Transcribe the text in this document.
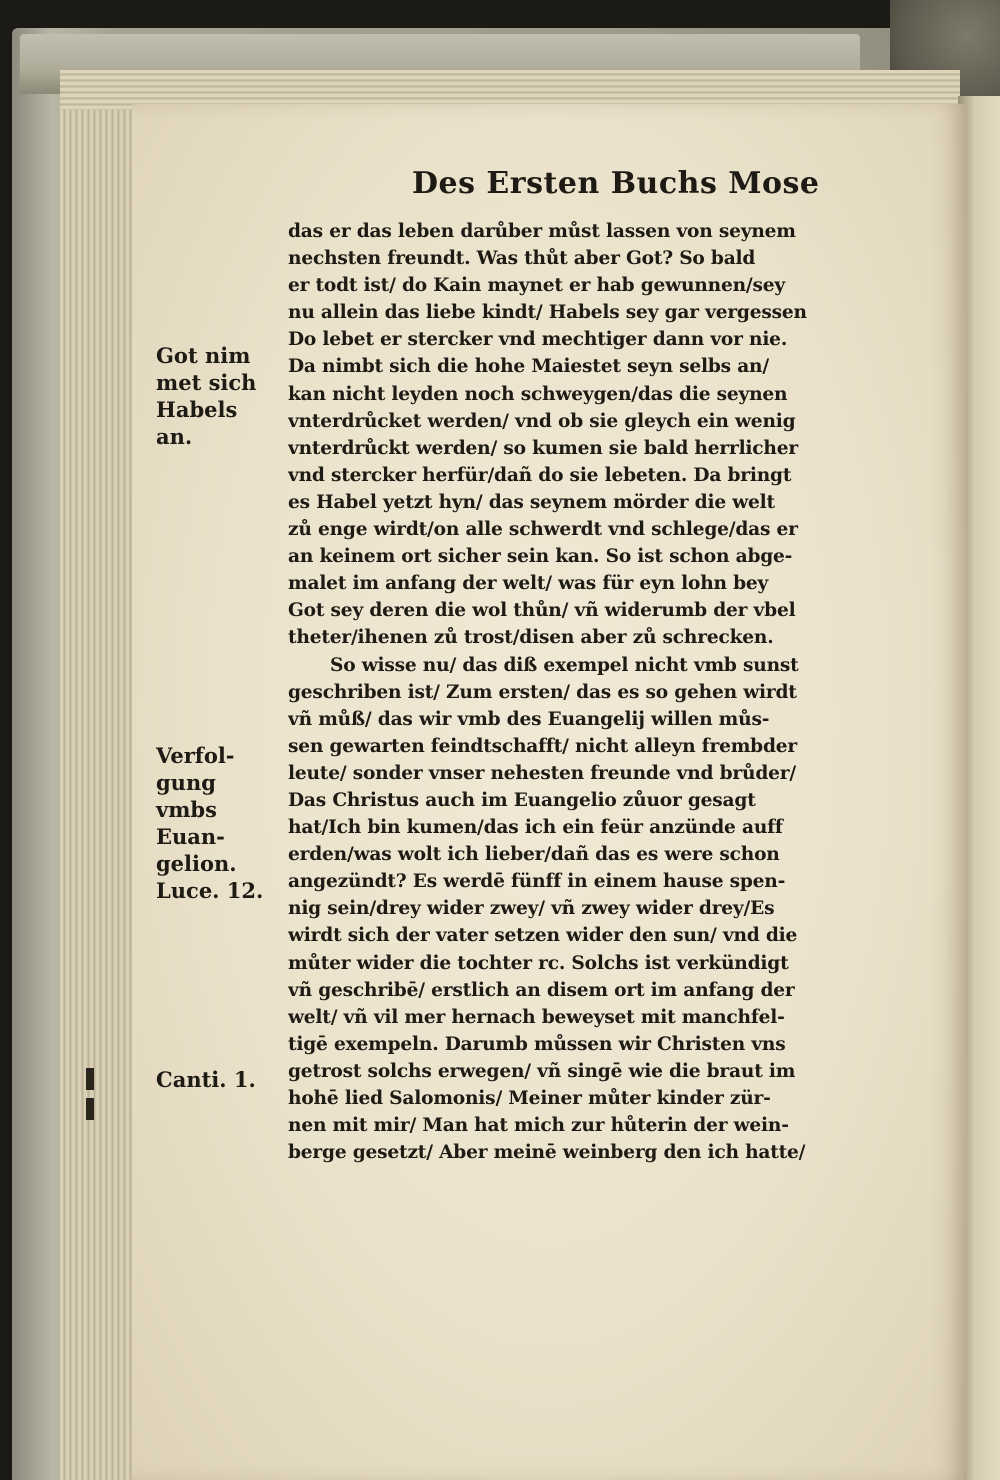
Des Ersten Buchs Mose
das er das leben darůber můst lassen von seynem
nechsten freundt. Was thůt aber Got? So bald
er todt ist/ do Kain maynet er hab gewunnen/sey
nu allein das liebe kindt/ Habels sey gar vergessen
Do lebet er stercker vnd mechtiger dann vor nie.
Da nimbt sich die hohe Maiestet seyn selbs an/
kan nicht leyden noch schweygen/das die seynen
vnterdrůcket werden/ vnd ob sie gleych ein wenig
vnterdrůckt werden/ so kumen sie bald herrlicher
vnd stercker herfür/dañ do sie lebeten. Da bringt
es Habel yetzt hyn/ das seynem mörder die welt
zů enge wirdt/on alle schwerdt vnd schlege/das er
an keinem ort sicher sein kan. So ist schon abge-
malet im anfang der welt/ was für eyn lohn bey
Got sey deren die wol thůn/ vñ widerumb der vbel
theter/ihenen zů trost/disen aber zů schrecken.
So wisse nu/ das diß exempel nicht vmb sunst
geschriben ist/ Zum ersten/ das es so gehen wirdt
vñ můß/ das wir vmb des Euangelij willen můs-
sen gewarten feindtschafft/ nicht alleyn frembder
leute/ sonder vnser nehesten freunde vnd brůder/
Das Christus auch im Euangelio zůuor gesagt
hat/Ich bin kumen/das ich ein feür anzünde auff
erden/was wolt ich lieber/dañ das es were schon
angezündt? Es werdē fünff in einem hause spen-
nig sein/drey wider zwey/ vñ zwey wider drey/Es
wirdt sich der vater setzen wider den sun/ vnd die
můter wider die tochter rc. Solchs ist verkündigt
vñ geschribē/ erstlich an disem ort im anfang der
welt/ vñ vil mer hernach beweyset mit manchfel-
tigē exempeln. Darumb můssen wir Christen vns
getrost solchs erwegen/ vñ singē wie die braut im
hohē lied Salomonis/ Meiner můter kinder zür-
nen mit mir/ Man hat mich zur hůterin der wein-
berge gesetzt/ Aber meinē weinberg den ich hatte/
Got nim
met sich
Habels
an.
Verfol-
gung
vmbs
Euan-
gelion.
Luce. 12.
Canti. 1.
